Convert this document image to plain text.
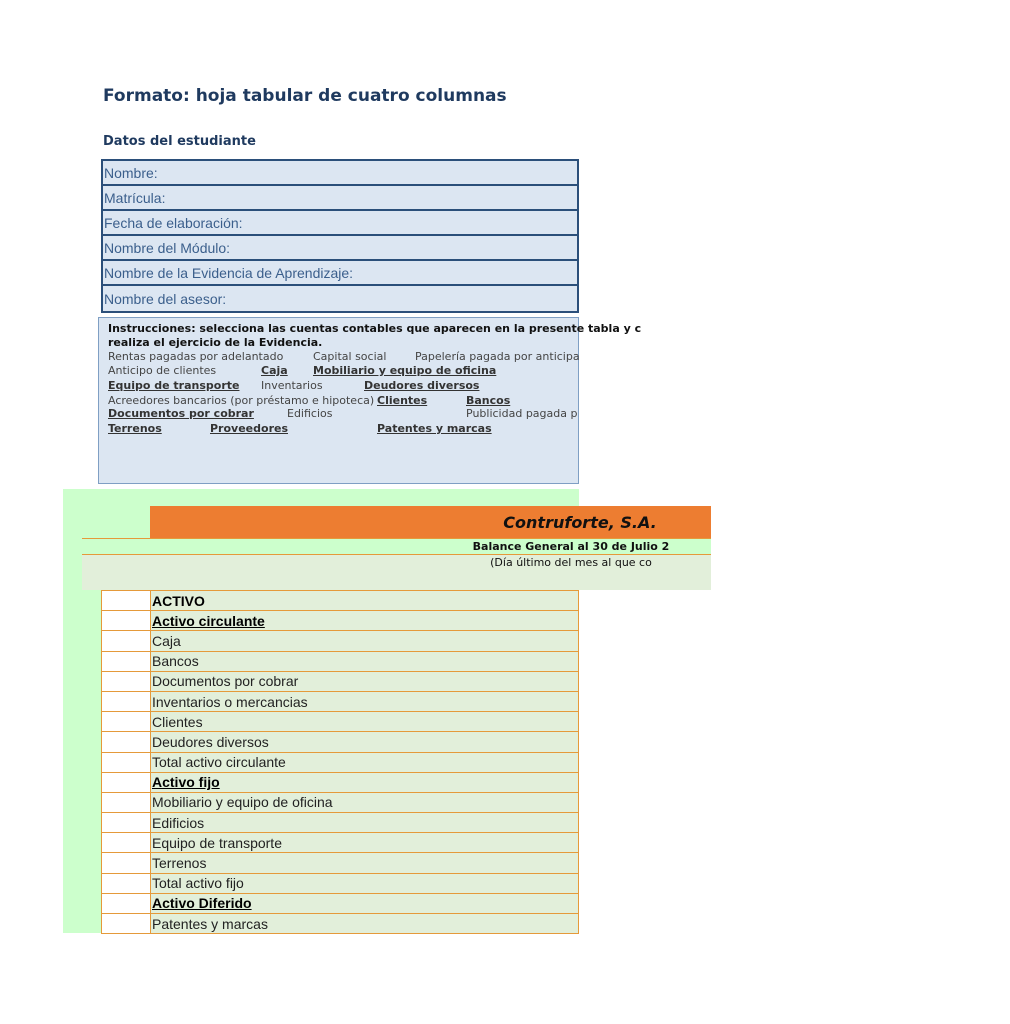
Formato: hoja tabular de cuatro columnas
Datos del estudiante
Nombre:
Matrícula:
Fecha de elaboración:
Nombre del Módulo:
Nombre de la Evidencia de Aprendizaje:
Nombre del asesor:
Instrucciones: selecciona las cuentas contables que aparecen en la presente tabla y c
realiza el ejercicio de la Evidencia.
Rentas pagadas por adelantado	Capital social	Papelería pagada por anticipa
Anticipo de clientes	Caja Mobiliario y equipo de oficina
Equipo de transporte Inventarios	Deudores diversos
Acreedores bancarios (por préstamo e hipoteca) Clientes	Bancos
Documentos por cobrar	Edificios	Publicidad pagada p
Terrenos	Proveedores	Patentes y marcas
Contruforte, S.A.
Balance General al 30 de Julio 2
(Día último del mes al que co
	ACTIVO
	Activo circulante
	Caja
	Bancos
	Documentos por cobrar
	Inventarios o mercancias
	Clientes
	Deudores diversos
	Total activo circulante
	Activo fijo
	Mobiliario y equipo de oficina
	Edificios
	Equipo de transporte
	Terrenos
	Total activo fijo
	Activo Diferido
	Patentes y marcas
